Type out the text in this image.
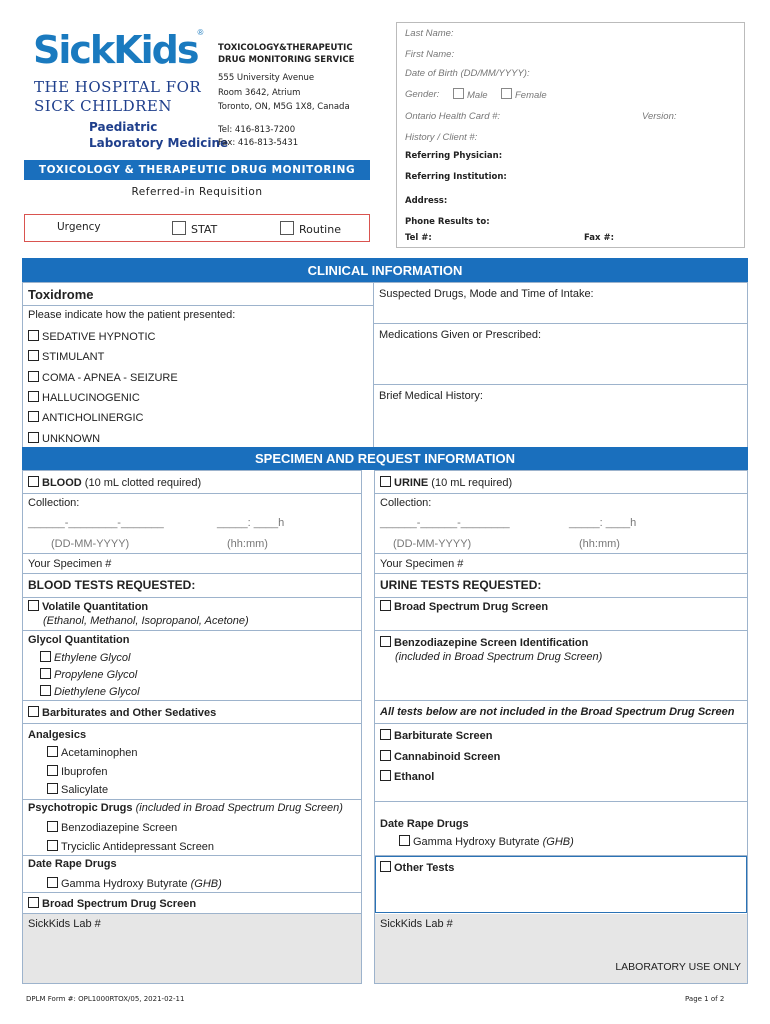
SickKids®
THE HOSPITAL FOR
SICK CHILDREN
Paediatric
Laboratory Medicine
TOXICOLOGY&THERAPEUTIC
DRUG MONITORING SERVICE
555 University Avenue
Room 3642, Atrium
Toronto, ON, M5G 1X8, Canada
Tel: 416-813-7200
Fax: 416-813-5431
TOXICOLOGY & THERAPEUTIC DRUG MONITORING
Referred-in Requisition
Urgency	STAT	Routine
Last Name:
First Name:
Date of Birth (DD/MM/YYYY):
Gender:	Male	Female
Ontario Health Card #:	Version:
History / Client #:
Referring Physician:
Referring Institution:
Address:
Phone Results to:
Tel #:	Fax #:
CLINICAL INFORMATION
Toxidrome	Suspected Drugs, Mode and Time of Intake:
Please indicate how the patient presented:
Medications Given or Prescribed:
Brief Medical History:
SEDATIVE HYPNOTIC
STIMULANT
COMA - APNEA - SEIZURE
HALLUCINOGENIC
ANTICHOLINERGIC
UNKNOWN
SPECIMEN AND REQUEST INFORMATION
BLOOD (10 mL clotted required)
Collection:
______-________-_______	_____: ____h
(DD-MM-YYYY)	(hh:mm)
Your Specimen #
BLOOD TESTS REQUESTED:
Volatile Quantitation
(Ethanol, Methanol, Isopropanol, Acetone)
Glycol Quantitation
Ethylene Glycol
Propylene Glycol
Diethylene Glycol
Barbiturates and Other Sedatives
Analgesics
Acetaminophen
Ibuprofen
Salicylate
Psychotropic Drugs (included in Broad Spectrum Drug Screen)
Benzodiazepine Screen
Tryciclic Antidepressant Screen
Date Rape Drugs
Gamma Hydroxy Butyrate (GHB)
Broad Spectrum Drug Screen
SickKids Lab #
URINE (10 mL required)
Collection:
______-______-________	_____: ____h
(DD-MM-YYYY)	(hh:mm)
Your Specimen #
URINE TESTS REQUESTED:
Broad Spectrum Drug Screen
Benzodiazepine Screen Identification
(included in Broad Spectrum Drug Screen)
All tests below are not included in the Broad Spectrum Drug Screen
Barbiturate Screen
Cannabinoid Screen
Ethanol
Date Rape Drugs
Gamma Hydroxy Butyrate (GHB)
Other Tests
SickKids Lab #
LABORATORY USE ONLY
DPLM Form #: OPL1000RTOX/05, 2021-02-11	Page 1 of 2
